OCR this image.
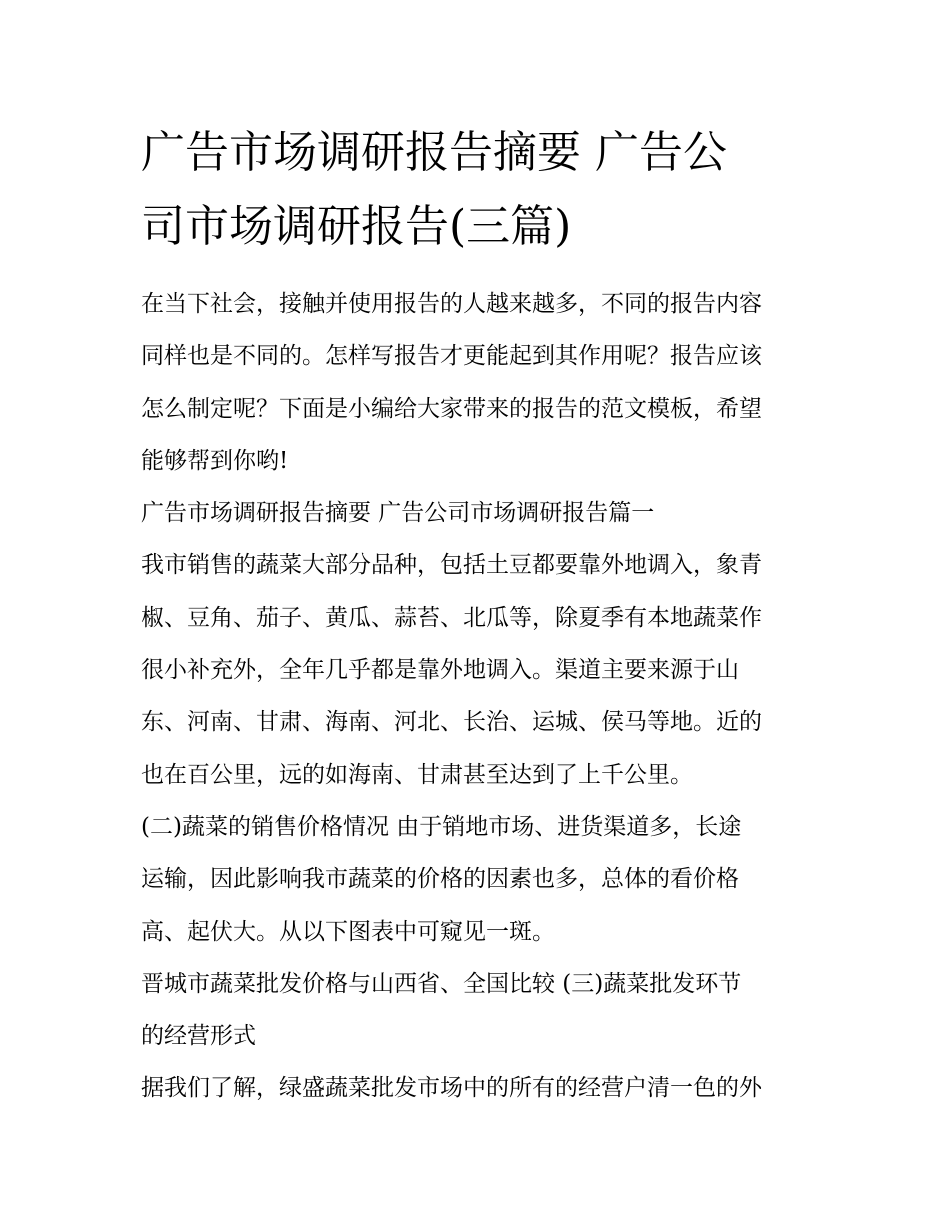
广告市场调研报告摘要 广告公
司市场调研报告(三篇)

在当下社会，接触并使用报告的人越来越多，不同的报告内容

同样也是不同的。怎样写报告才更能起到其作用呢？报告应该

怎么制定呢？下面是小编给大家带来的报告的范文模板，希望

能够帮到你哟!

广告市场调研报告摘要 广告公司市场调研报告篇一

我市销售的蔬菜大部分品种，包括土豆都要靠外地调入，象青

椒、豆角、茄子、黄瓜、蒜苔、北瓜等，除夏季有本地蔬菜作

很小补充外，全年几乎都是靠外地调入。渠道主要来源于山

东、河南、甘肃、海南、河北、长治、运城、侯马等地。近的

也在百公里，远的如海南、甘肃甚至达到了上千公里。

(二)蔬菜的销售价格情况 由于销地市场、进货渠道多，长途

运输，因此影响我市蔬菜的价格的因素也多，总体的看价格

高、起伏大。从以下图表中可窥见一斑。

晋城市蔬菜批发价格与山西省、全国比较 (三)蔬菜批发环节

的经营形式

据我们了解，绿盛蔬菜批发市场中的所有的经营户清一色的外
